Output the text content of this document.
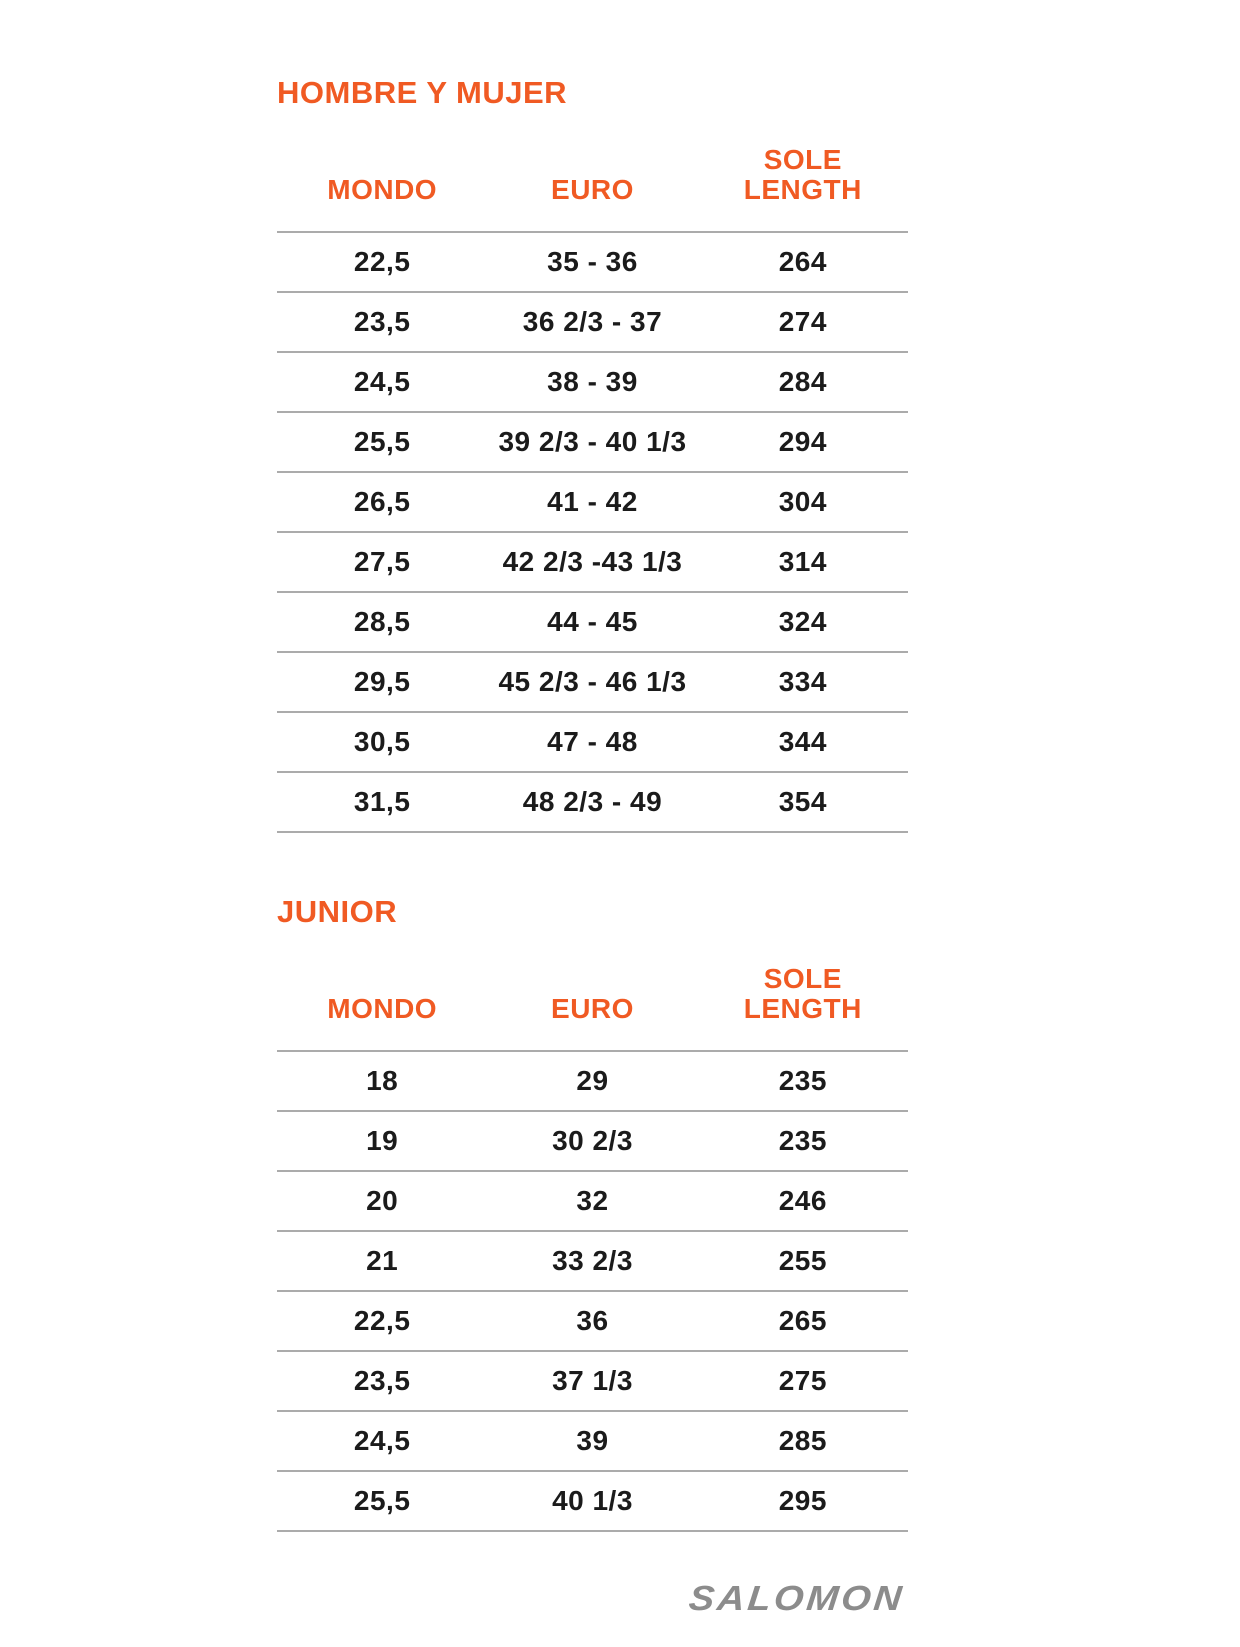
HOMBRE Y MUJER
MONDO	EURO
SOLE
LENGTH
22,5	35 - 36	264
23,5	36 2/3 - 37	274
24,5	38 - 39	284
25,5	39 2/3 - 40 1/3	294
26,5	41 - 42	304
27,5	42 2/3 -43 1/3	314
28,5	44 - 45	324
29,5	45 2/3 - 46 1/3	334
30,5	47 - 48	344
31,5	48 2/3 - 49	354
JUNIOR
MONDO	EURO
SOLE
LENGTH
18	29	235
19	30 2/3	235
20	32	246
21	33 2/3	255
22,5	36	265
23,5	37 1/3	275
24,5	39	285
25,5	40 1/3	295
SALOMON
